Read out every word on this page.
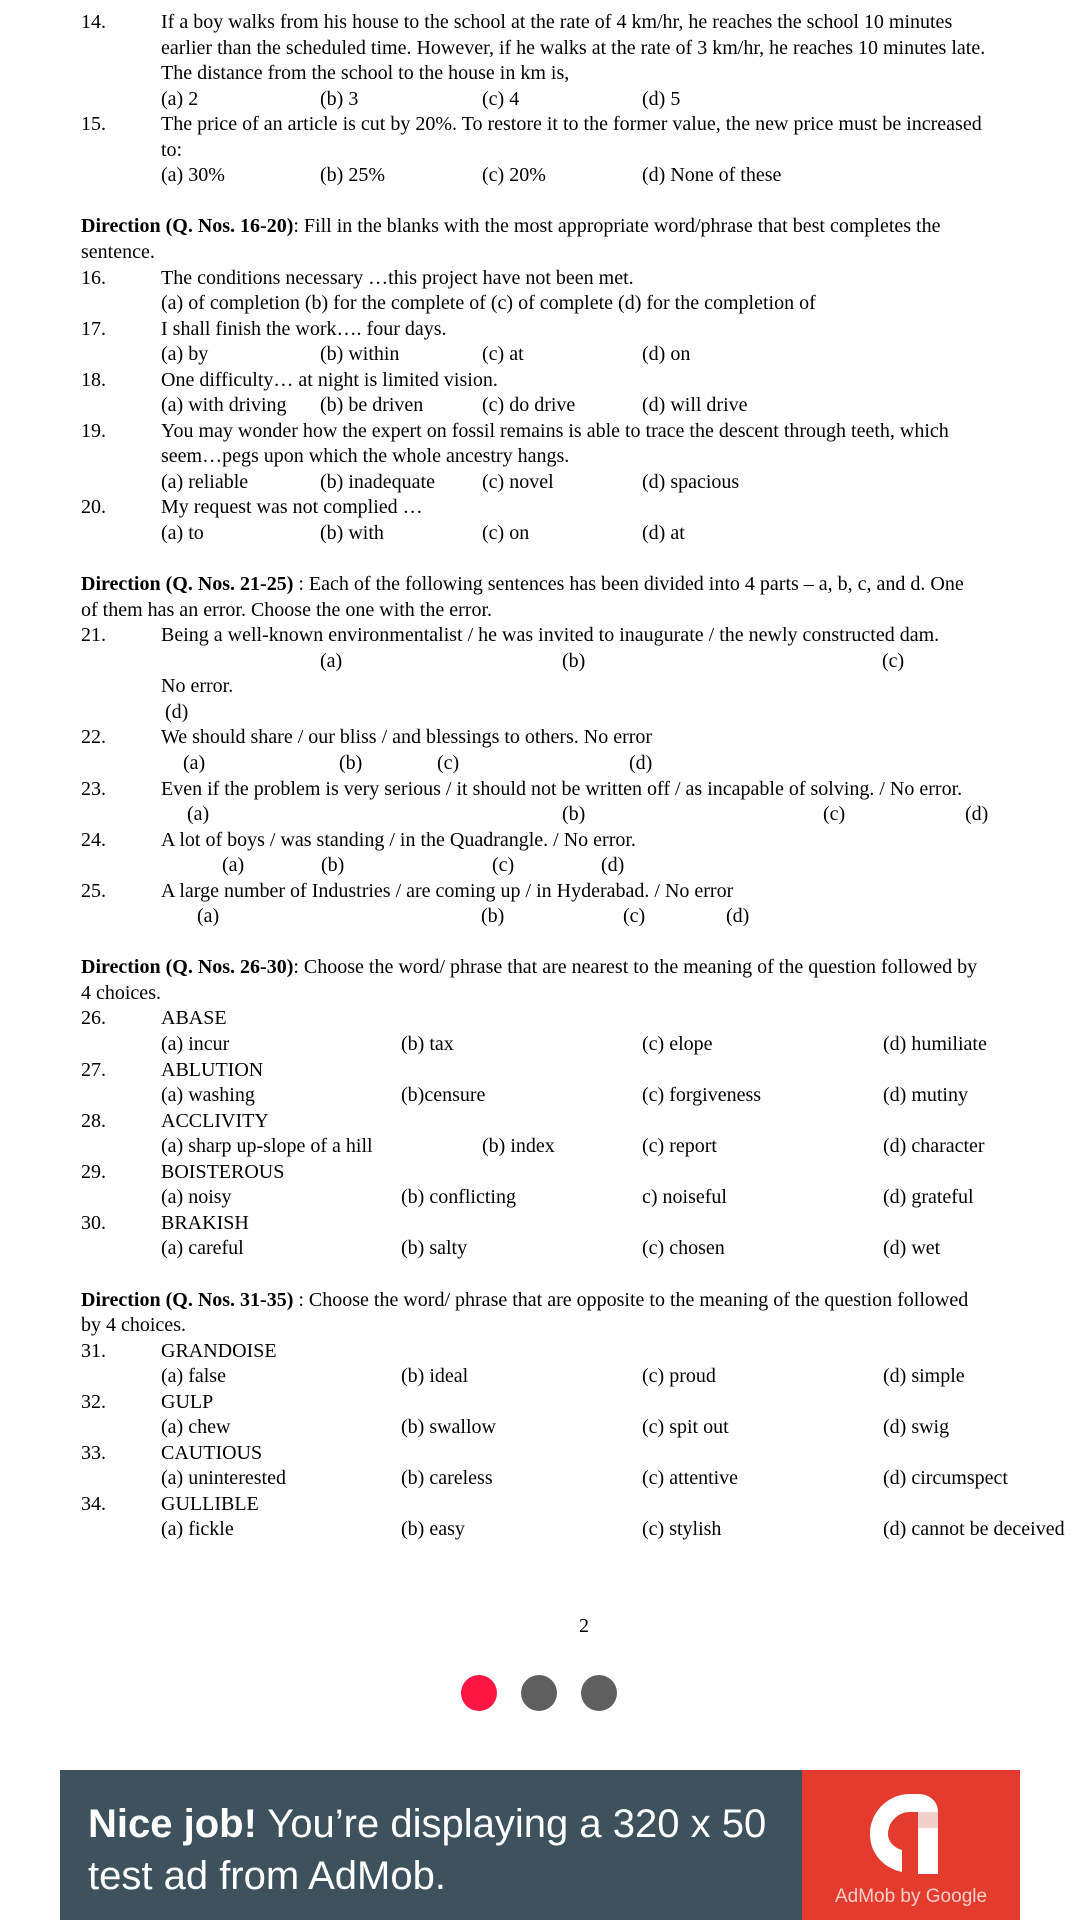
14.	If a boy walks from his house to the school at the rate of 4 km/hr, he reaches the school 10 minutes
earlier than the scheduled time. However, if he walks at the rate of 3 km/hr, he reaches 10 minutes late.
The distance from the school to the house in km is,
(a) 2	(b) 3	(c) 4	(d) 5
15.	The price of an article is cut by 20%. To restore it to the former value, the new price must be increased
to:
(a) 30%	(b) 25%	(c) 20%	(d) None of these
Direction (Q. Nos. 16-20): Fill in the blanks with the most appropriate word/phrase that best completes the
sentence.
16.	The conditions necessary …this project have not been met.
(a) of completion (b) for the complete of (c) of complete (d) for the completion of
17.	I shall finish the work…. four days.
(a) by	(b) within	(c) at	(d) on
18.	One difficulty… at night is limited vision.
(a) with driving (b) be driven	(c) do drive	(d) will drive
19.	You may wonder how the expert on fossil remains is able to trace the descent through teeth, which
seem…pegs upon which the whole ancestry hangs.
(a) reliable	(b) inadequate (c) novel	(d) spacious
20.	My request was not complied …
(a) to	(b) with	(c) on	(d) at
Direction (Q. Nos. 21-25) : Each of the following sentences has been divided into 4 parts – a, b, c, and d. One
of them has an error. Choose the one with the error.
21.	Being a well-known environmentalist / he was invited to inaugurate / the newly constructed dam.
(a)	(b)	(c)
No error.
(d)
22.	We should share / our bliss / and blessings to others. No error
(a)	(b)	(c)	(d)
23.	Even if the problem is very serious / it should not be written off / as incapable of solving. / No error.
(a)	(b)	(c)	(d)
24.	A lot of boys / was standing / in the Quadrangle. / No error.
(a)	(b)	(c)	(d)
25.	A large number of Industries / are coming up / in Hyderabad. / No error
(a)	(b)	(c)	(d)
Direction (Q. Nos. 26-30): Choose the word/ phrase that are nearest to the meaning of the question followed by
4 choices.
26.	ABASE
(a) incur	(b) tax	(c) elope	(d) humiliate
27.	ABLUTION
(a) washing	(b)censure	(c) forgiveness	(d) mutiny
28.	ACCLIVITY
(a) sharp up-slope of a hill	(b) index	(c) report	(d) character
29.	BOISTEROUS
(a) noisy	(b) conflicting	c) noiseful	(d) grateful
30.	BRAKISH
(a) careful	(b) salty	(c) chosen	(d) wet
Direction (Q. Nos. 31-35) : Choose the word/ phrase that are opposite to the meaning of the question followed
by 4 choices.
31.	GRANDOISE
(a) false	(b) ideal	(c) proud	(d) simple
32.	GULP
(a) chew	(b) swallow	(c) spit out	(d) swig
33.	CAUTIOUS
(a) uninterested	(b) careless	(c) attentive	(d) circumspect
34.	GULLIBLE
(a) fickle	(b) easy	(c) stylish	(d) cannot be deceived
2
Nice job! You’re displaying a 320 x 50 test ad from AdMob.	AdMob by Google
